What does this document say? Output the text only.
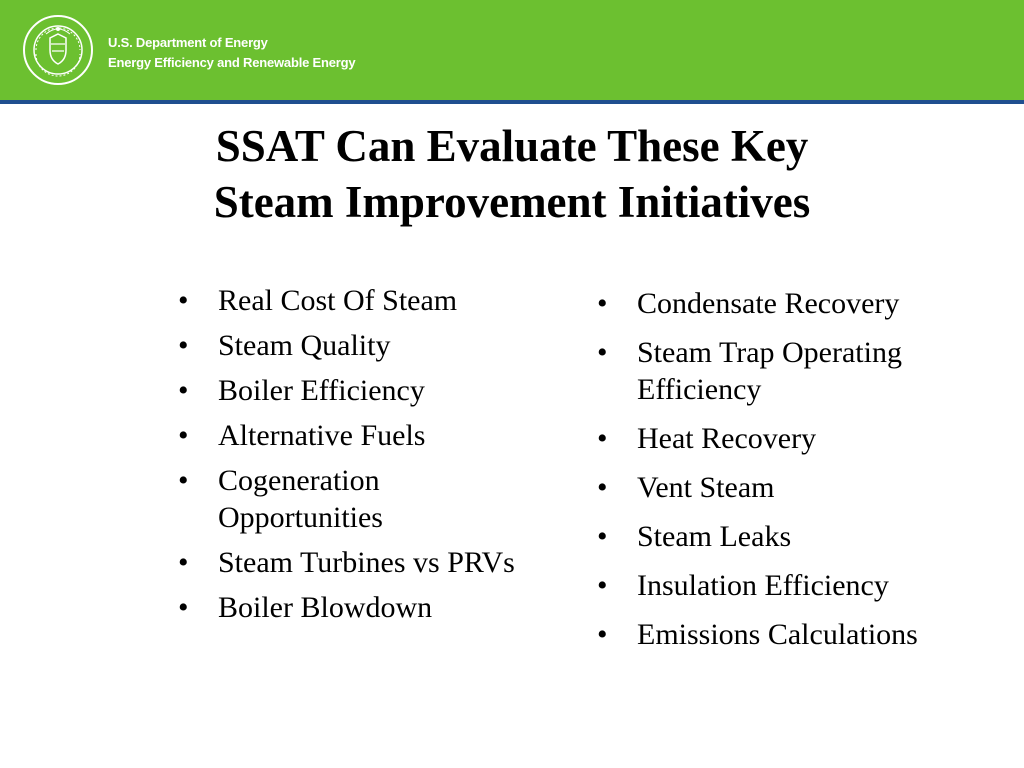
U.S. Department of Energy
Energy Efficiency and Renewable Energy
SSAT Can Evaluate These Key
Steam Improvement Initiatives
• Real Cost Of Steam
• Steam Quality
• Boiler Efficiency
• Alternative Fuels
• Cogeneration Opportunities
• Steam Turbines vs PRVs
• Boiler Blowdown
• Condensate Recovery
• Steam Trap Operating Efficiency
• Heat Recovery
• Vent Steam
• Steam Leaks
• Insulation Efficiency
• Emissions Calculations
